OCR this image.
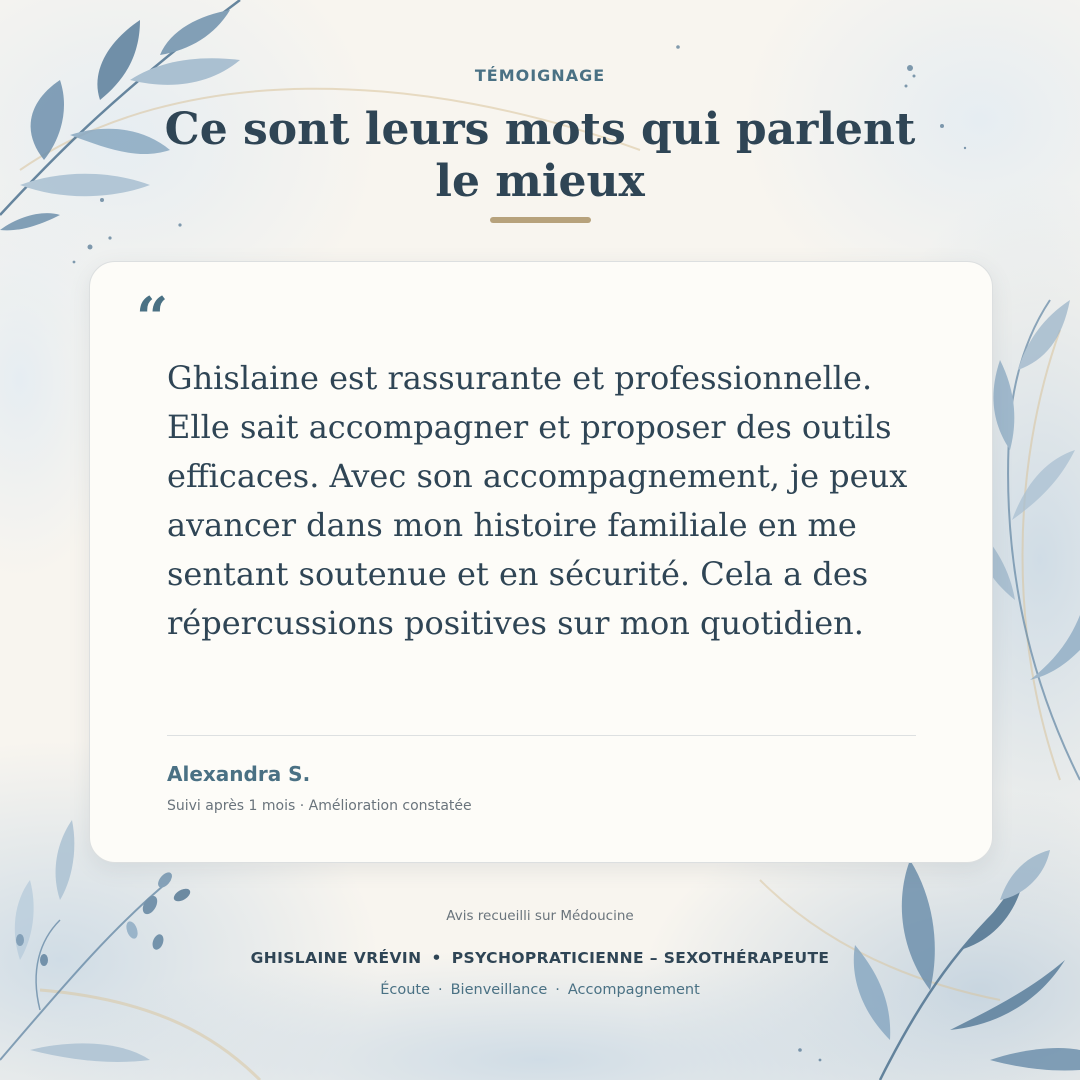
TÉMOIGNAGE
Ce sont leurs mots qui parlent le mieux
“

Ghislaine est rassurante et professionnelle. Elle sait accompagner et proposer des outils efficaces. Avec son accompagnement, je peux avancer dans mon histoire familiale en me sentant soutenue et en sécurité. Cela a des répercussions positives sur mon quotidien.

Alexandra S.
Suivi après 1 mois · Amélioration constatée
Avis recueilli sur Médoucine
GHISLAINE VRÉVIN • PSYCHOPRATICIENNE – SEXOTHÉRAPEUTE
Écoute · Bienveillance · Accompagnement
